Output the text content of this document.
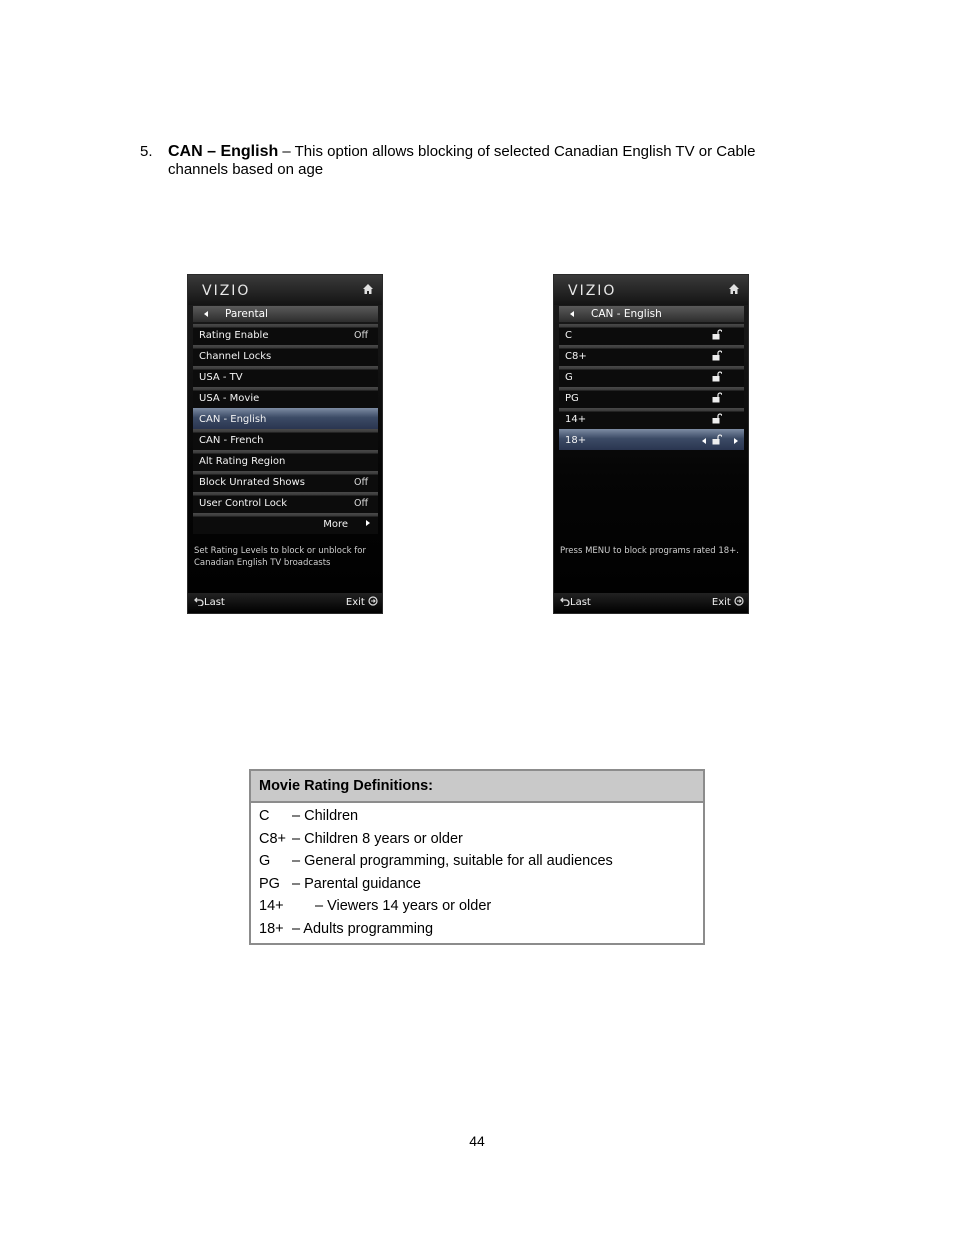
5. CAN – English – This option allows blocking of selected Canadian English TV or Cable
channels based on age
VIZIO
Parental
Rating Enable	Off
Channel Locks
USA - TV
USA - Movie
CAN - English
CAN - French
Alt Rating Region
Block Unrated Shows	Off
User Control Lock	Off
More
Set Rating Levels to block or unblock for Canadian English TV broadcasts
Last	Exit
VIZIO
CAN - English
C
C8+
G
PG
14+
18+
Press MENU to block programs rated 18+.
Last	Exit
Movie Rating Definitions:
C – Children
C8+ – Children 8 years or older
G – General programming, suitable for all audiences
PG – Parental guidance
14+ – Viewers 14 years or older
18+ – Adults programming
44
